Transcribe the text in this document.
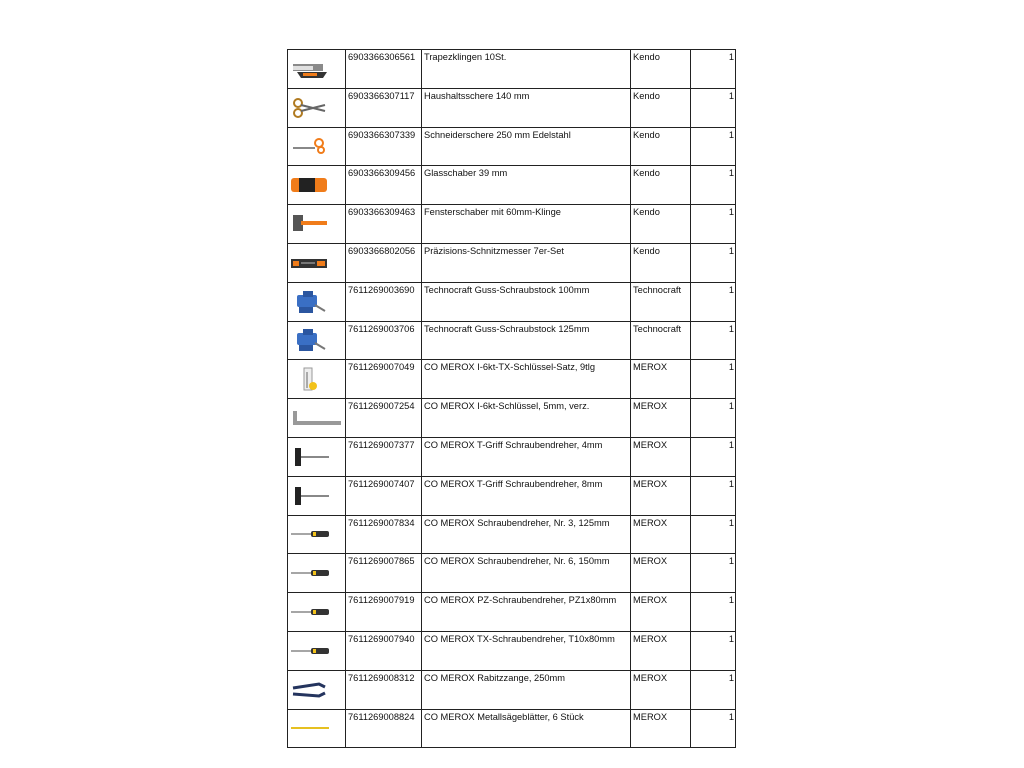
	6903366306561	Trapezklingen 10St.	Kendo	1

	6903366307117	Haushaltsschere 140 mm	Kendo	1

	6903366307339	Schneiderschere 250 mm Edelstahl	Kendo	1

	6903366309456	Glasschaber 39 mm	Kendo	1

	6903366309463	Fensterschaber mit 60mm-Klinge	Kendo	1

	6903366802056	Präzisions-Schnitzmesser 7er-Set	Kendo	1

	7611269003690	Technocraft Guss-Schraubstock 100mm	Technocraft	1

	7611269003706	Technocraft Guss-Schraubstock 125mm	Technocraft	1

	7611269007049	CO MEROX I-6kt-TX-Schlüssel-Satz, 9tlg	MEROX	1

	7611269007254	CO MEROX I-6kt-Schlüssel, 5mm, verz.	MEROX	1

	7611269007377	CO MEROX T-Griff Schraubendreher, 4mm	MEROX	1

	7611269007407	CO MEROX T-Griff Schraubendreher, 8mm	MEROX	1

	7611269007834	CO MEROX Schraubendreher, Nr. 3, 125mm	MEROX	1

	7611269007865	CO MEROX Schraubendreher, Nr. 6, 150mm	MEROX	1

	7611269007919	CO MEROX PZ-Schraubendreher, PZ1x80mm	MEROX	1

	7611269007940	CO MEROX TX-Schraubendreher, T10x80mm	MEROX	1

	7611269008312	CO MEROX Rabitzzange, 250mm	MEROX	1

	7611269008824	CO MEROX Metallsägeblätter, 6 Stück	MEROX	1
